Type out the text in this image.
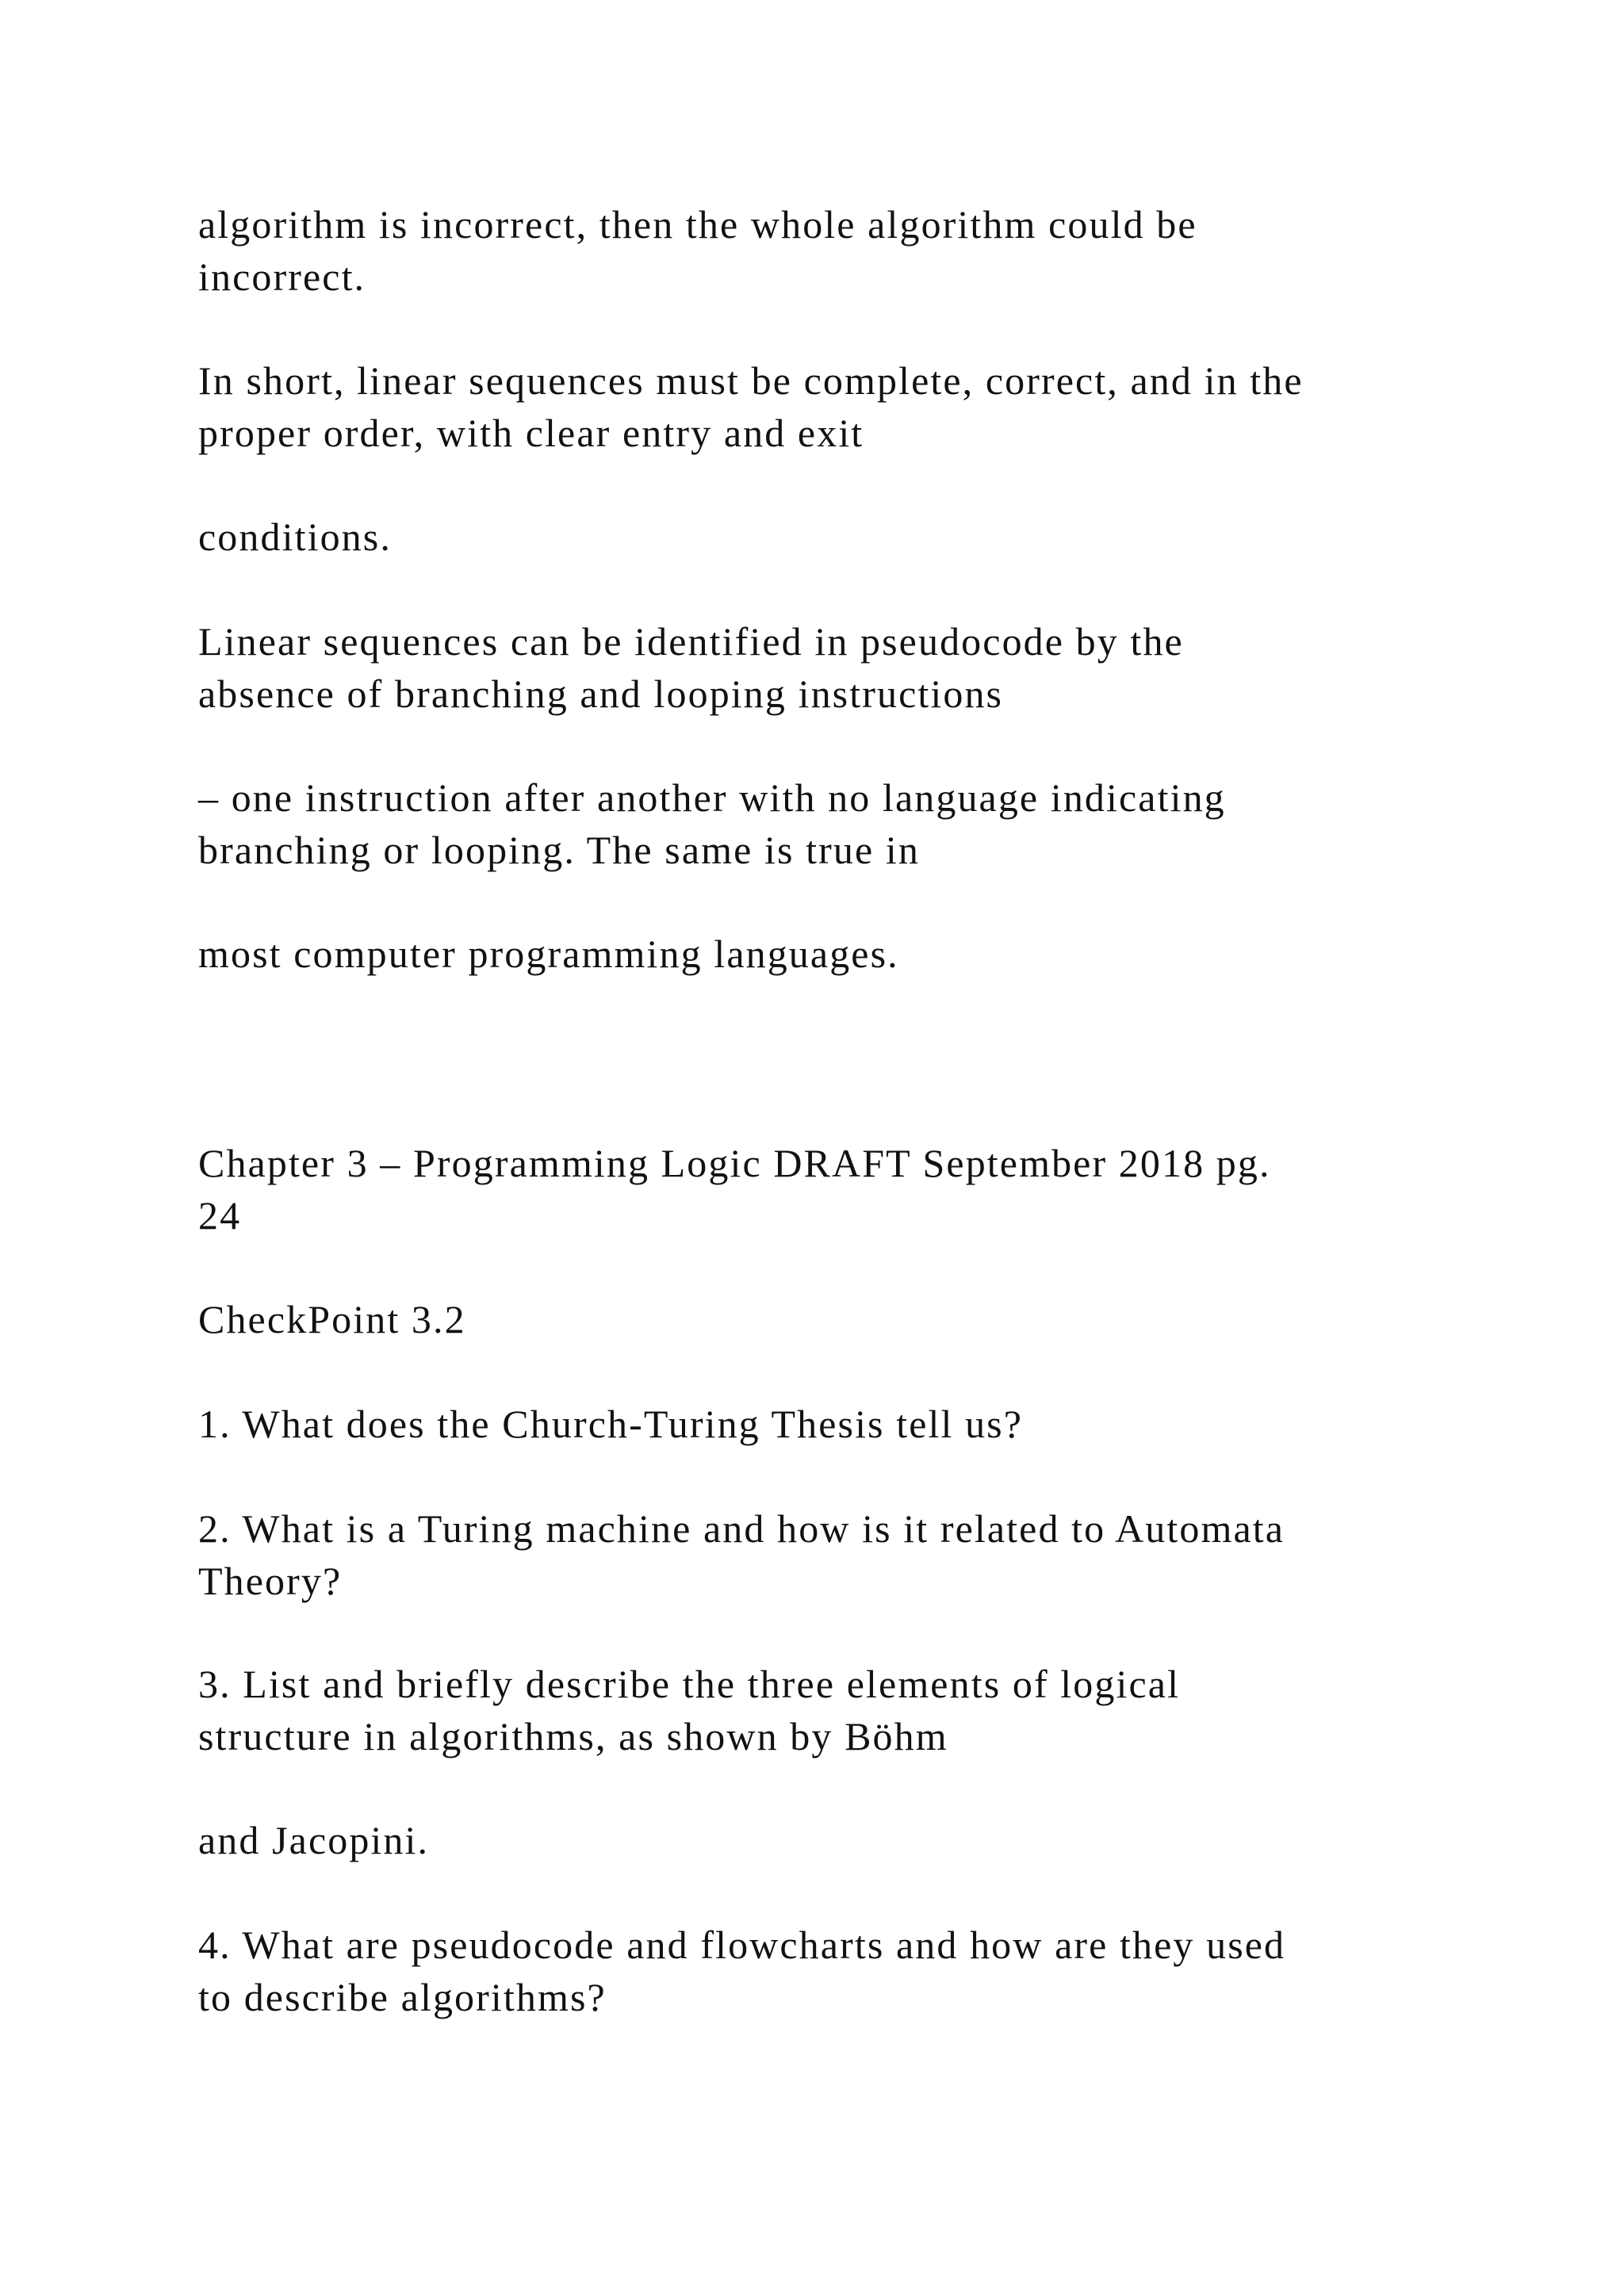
algorithm is incorrect, then the whole algorithm could be
incorrect.

In short, linear sequences must be complete, correct, and in the
proper order, with clear entry and exit

conditions.

Linear sequences can be identified in pseudocode by the
absence of branching and looping instructions

– one instruction after another with no language indicating
branching or looping. The same is true in

most computer programming languages.

Chapter 3 – Programming Logic DRAFT September 2018 pg.
24

CheckPoint 3.2

1. What does the Church-Turing Thesis tell us?

2. What is a Turing machine and how is it related to Automata
Theory?

3. List and briefly describe the three elements of logical
structure in algorithms, as shown by Böhm

and Jacopini.

4. What are pseudocode and flowcharts and how are they used
to describe algorithms?
